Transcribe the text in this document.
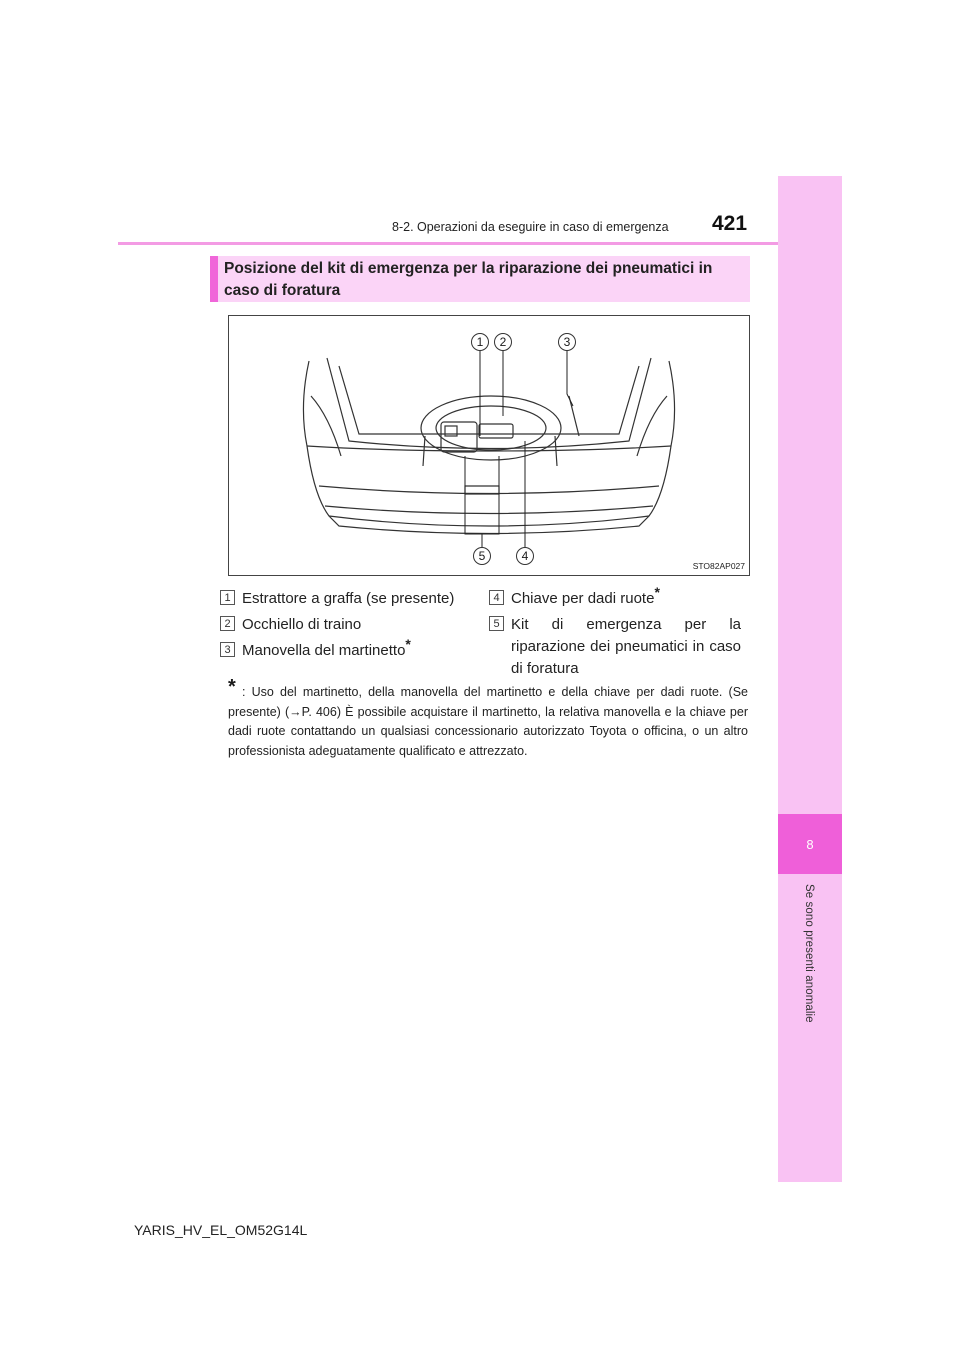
8
Se sono presenti anomalie
8-2. Operazioni da eseguire in caso di emergenza 421
Posizione del kit di emergenza per la riparazione dei pneumatici in caso di foratura
1	2	3
5	4
STO82AP027
1 Estrattore a graffa (se presente)
2 Occhiello di traino
3 Manovella del martinetto*
4 Chiave per dadi ruote*
5 Kit di emergenza per la riparazione dei pneumatici in caso di foratura
* : Uso del martinetto, della manovella del martinetto e della chiave per dadi ruote. (Se presente) (→P. 406) È possibile acquistare il martinetto, la relativa manovella e la chiave per dadi ruote contattando un qualsiasi concessionario autorizzato Toyota o officina, o un altro professionista adeguatamente qualificato e attrezzato.
YARIS_HV_EL_OM52G14L
